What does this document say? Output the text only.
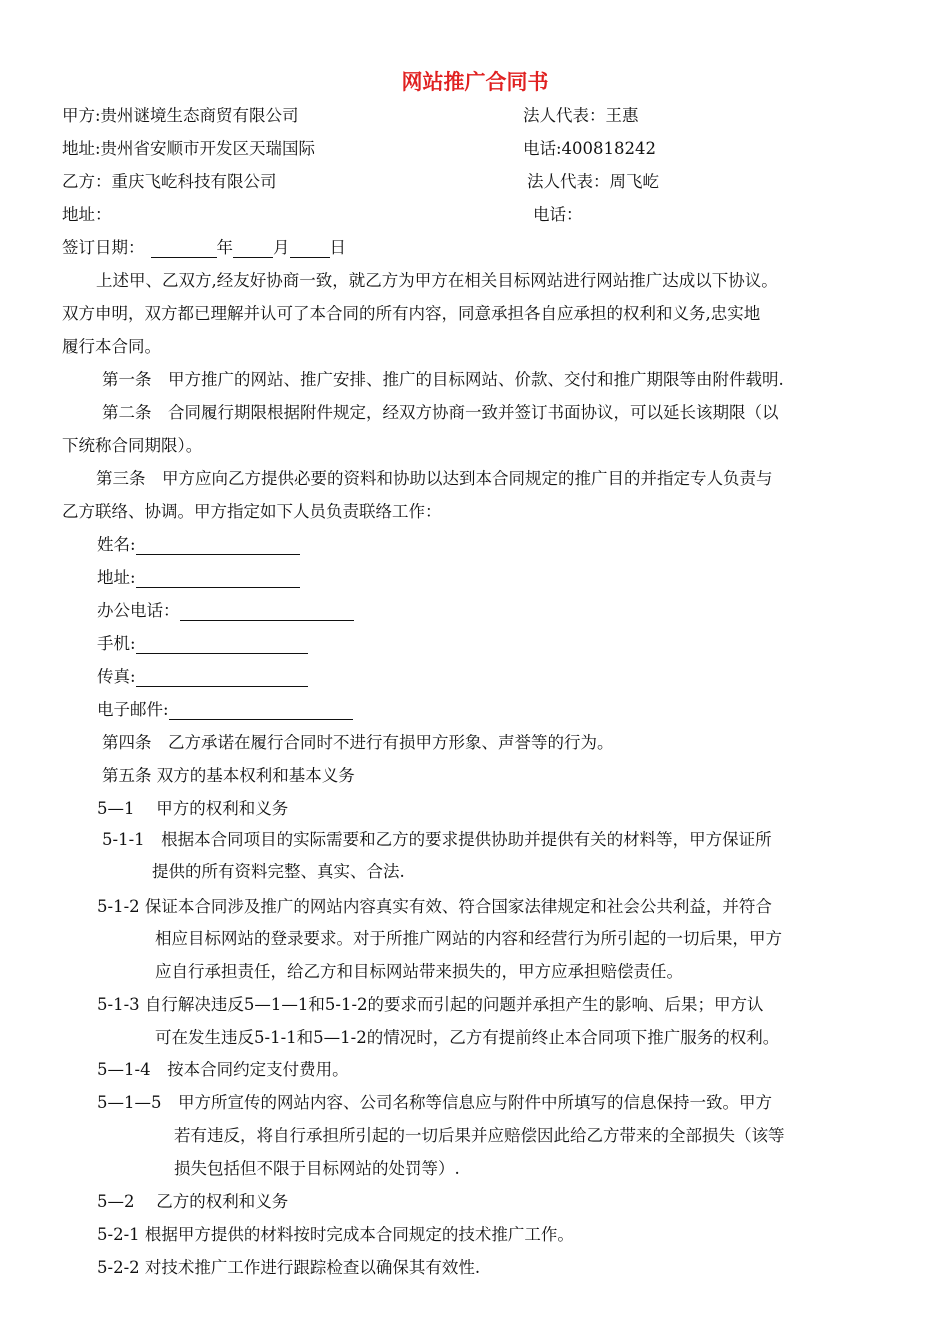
网站推广合同书
甲方:贵州谜境生态商贸有限公司	法人代表：王惠
地址:贵州省安顺市开发区天瑞国际	电话:400818242
乙方：重庆飞屹科技有限公司	法人代表：周飞屹
地址：	电话：
签订日期：	年 月 日
上述甲、乙双方,经友好协商一致，就乙方为甲方在相关目标网站进行网站推广达成以下协议。
双方申明，双方都已理解并认可了本合同的所有内容，同意承担各自应承担的权利和义务,忠实地
履行本合同。
第一条　甲方推广的网站、推广安排、推广的目标网站、价款、交付和推广期限等由附件载明.
第二条　合同履行期限根据附件规定，经双方协商一致并签订书面协议，可以延长该期限（以
下统称合同期限）。
第三条　甲方应向乙方提供必要的资料和协助以达到本合同规定的推广目的并指定专人负责与
乙方联络、协调。甲方指定如下人员负责联络工作：
姓名:
地址:
办公电话：
手机:
传真:
电子邮件:
第四条　乙方承诺在履行合同时不进行有损甲方形象、声誉等的行为。
第五条 双方的基本权利和基本义务
5—1　 甲方的权利和义务
5-1-1　根据本合同项目的实际需要和乙方的要求提供协助并提供有关的材料等，甲方保证所
提供的所有资料完整、真实、合法.
5-1-2 保证本合同涉及推广的网站内容真实有效、符合国家法律规定和社会公共利益，并符合
相应目标网站的登录要求。对于所推广网站的内容和经营行为所引起的一切后果，甲方
应自行承担责任，给乙方和目标网站带来损失的，甲方应承担赔偿责任。
5-1-3 自行解决违反5—1—1和5-1-2的要求而引起的问题并承担产生的影响、后果；甲方认
可在发生违反5-1-1和5—1-2的情况时，乙方有提前终止本合同项下推广服务的权利。
5—1-4　按本合同约定支付费用。
5—1—5　甲方所宣传的网站内容、公司名称等信息应与附件中所填写的信息保持一致。甲方
若有违反，将自行承担所引起的一切后果并应赔偿因此给乙方带来的全部损失（该等
损失包括但不限于目标网站的处罚等）.
5—2　 乙方的权利和义务
5-2-1 根据甲方提供的材料按时完成本合同规定的技术推广工作。
5-2-2 对技术推广工作进行跟踪检查以确保其有效性.
